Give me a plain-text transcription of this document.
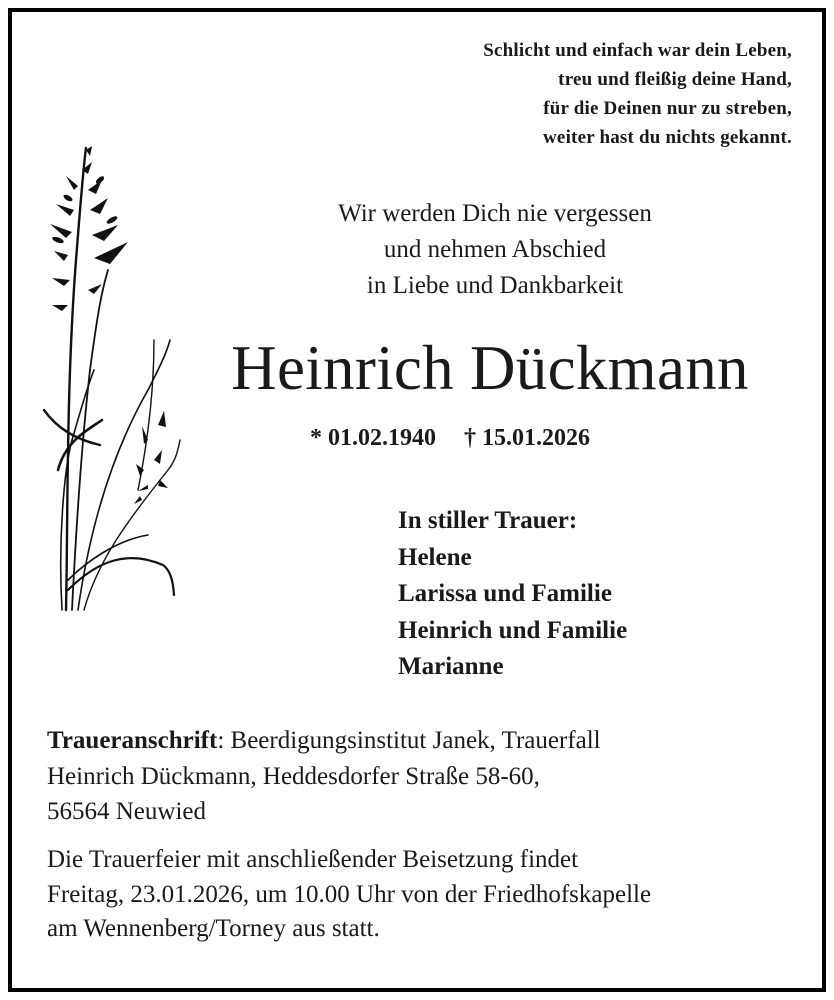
Schlicht und einfach war dein Leben,
treu und fleißig deine Hand,
für die Deinen nur zu streben,
weiter hast du nichts gekannt.
Wir werden Dich nie vergessen
und nehmen Abschied
in Liebe und Dankbarkeit
Heinrich Dückmann
* 01.02.1940 † 15.01.2026
In stiller Trauer:
Helene
Larissa und Familie
Heinrich und Familie
Marianne
Traueranschrift: Beerdigungsinstitut Janek, Trauerfall
Heinrich Dückmann, Heddesdorfer Straße 58-60,
56564 Neuwied
Die Trauerfeier mit anschließender Beisetzung findet
Freitag, 23.01.2026, um 10.00 Uhr von der Friedhofskapelle
am Wennenberg/Torney aus statt.
